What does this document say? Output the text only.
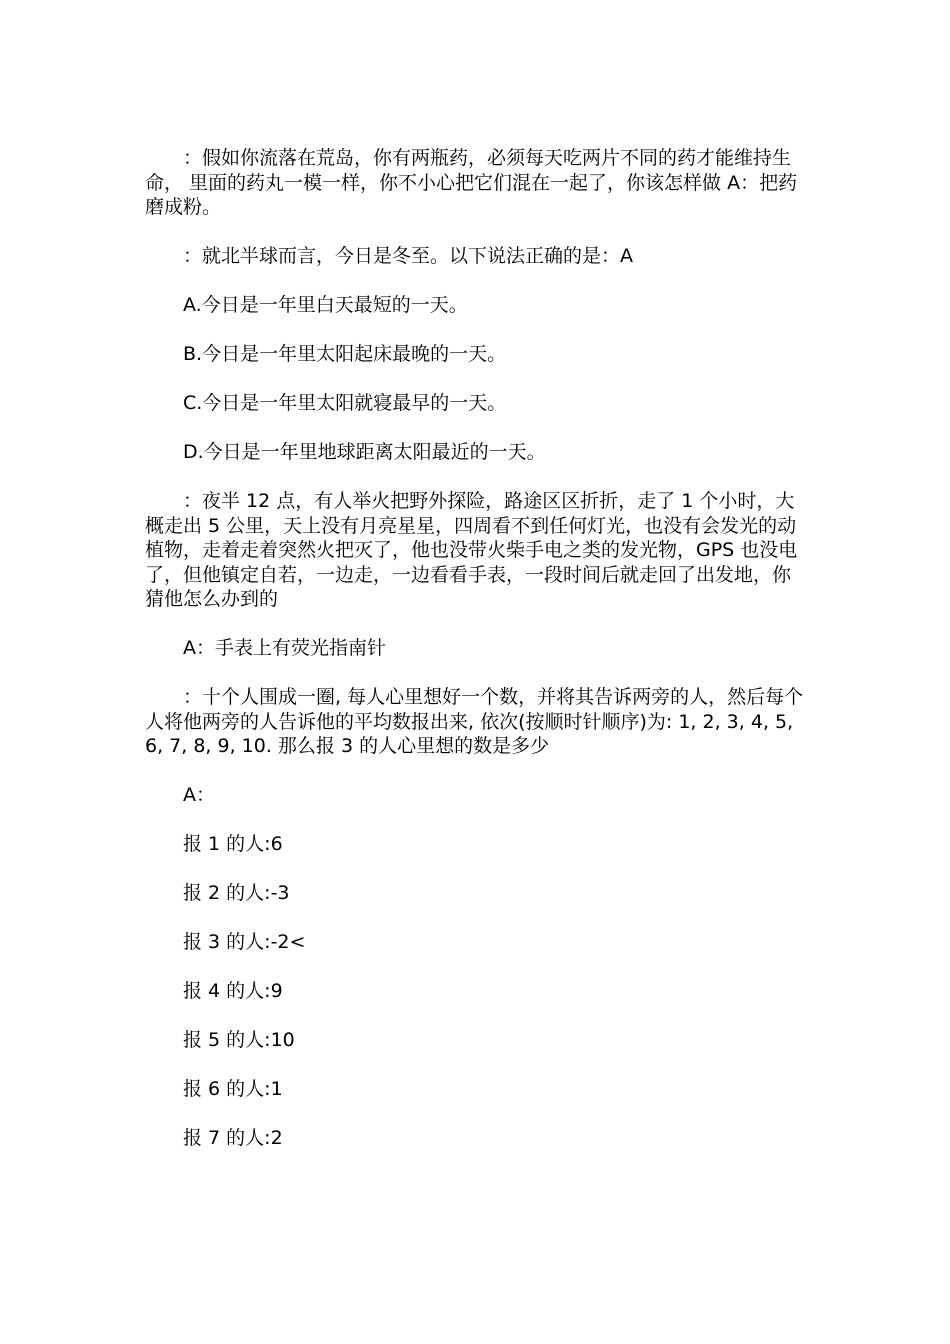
：假如你流落在荒岛，你有两瓶药，必须每天吃两片不同的药才能维持生命， 里面的药丸一模一样，你不小心把它们混在一起了，你该怎样做 A：把药磨成粉。

：就北半球而言，今日是冬至。以下说法正确的是：A

A.今日是一年里白天最短的一天。

B.今日是一年里太阳起床最晚的一天。

C.今日是一年里太阳就寝最早的一天。

D.今日是一年里地球距离太阳最近的一天。

：夜半 12 点，有人举火把野外探险，路途区区折折，走了 1 个小时，大概走出 5 公里，天上没有月亮星星，四周看不到任何灯光，也没有会发光的动植物，走着走着突然火把灭了，他也没带火柴手电之类的发光物，GPS 也没电了，但他镇定自若，一边走，一边看看手表，一段时间后就走回了出发地，你猜他怎么办到的

A：手表上有荧光指南针

：十个人围成一圈, 每人心里想好一个数，并将其告诉两旁的人，然后每个人将他两旁的人告诉他的平均数报出来, 依次(按顺时针顺序)为: 1, 2, 3, 4, 5, 6, 7, 8, 9, 10. 那么报 3 的人心里想的数是多少

A：

报 1 的人:6

报 2 的人:-3

报 3 的人:-2<

报 4 的人:9

报 5 的人:10

报 6 的人:1

报 7 的人:2
